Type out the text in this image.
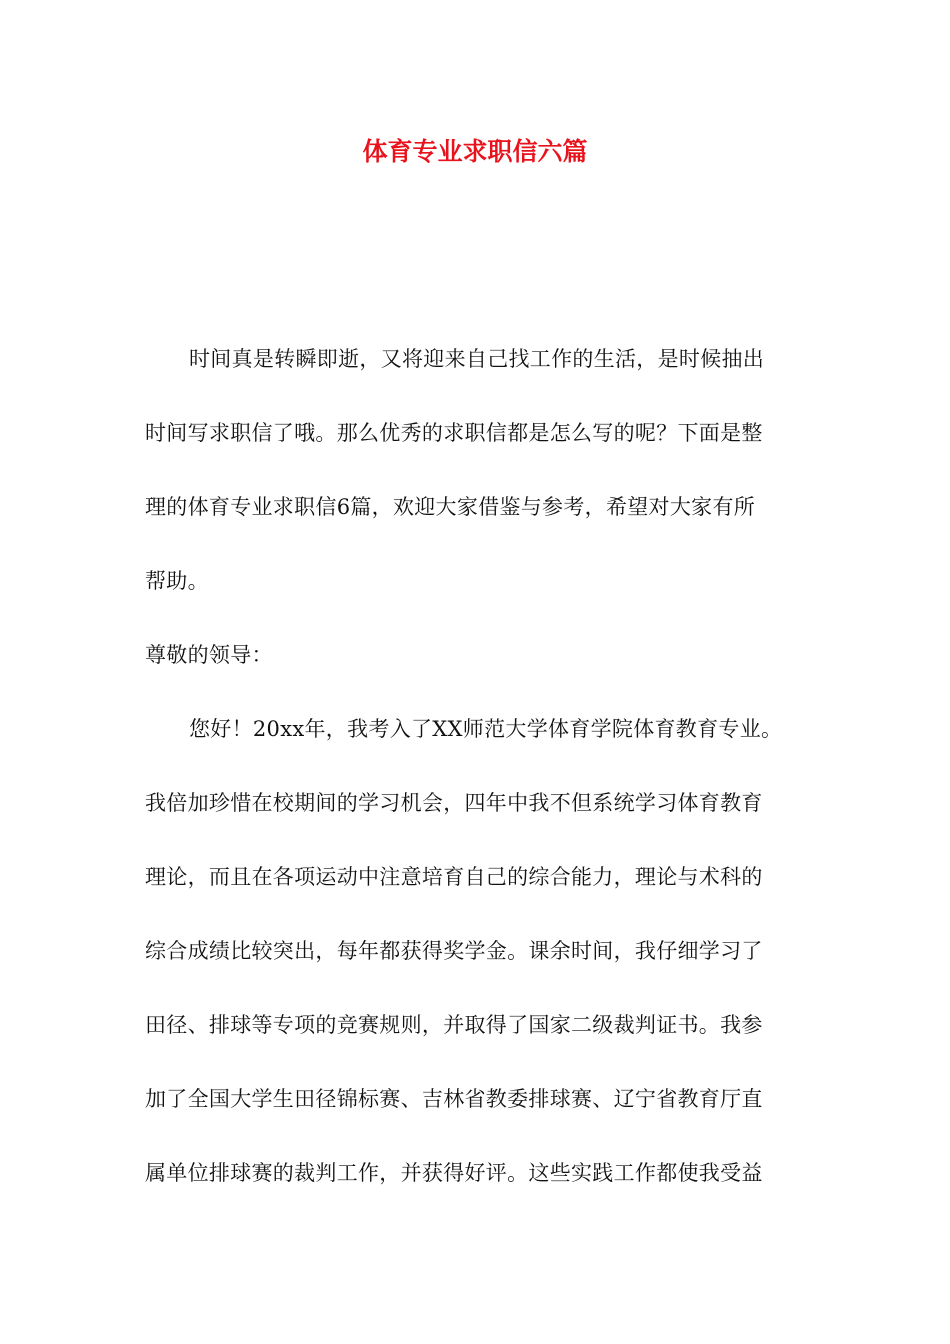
体育专业求职信六篇
时间真是转瞬即逝，又将迎来自己找工作的生活，是时候抽出
时间写求职信了哦。那么优秀的求职信都是怎么写的呢？下面是整
理的体育专业求职信6篇，欢迎大家借鉴与参考，希望对大家有所
帮助。
尊敬的领导：
您好！20xx年，我考入了XX师范大学体育学院体育教育专业。
我倍加珍惜在校期间的学习机会，四年中我不但系统学习体育教育
理论，而且在各项运动中注意培育自己的综合能力，理论与术科的
综合成绩比较突出，每年都获得奖学金。课余时间，我仔细学习了
田径、排球等专项的竞赛规则，并取得了国家二级裁判证书。我参
加了全国大学生田径锦标赛、吉林省教委排球赛、辽宁省教育厅直
属单位排球赛的裁判工作，并获得好评。这些实践工作都使我受益
